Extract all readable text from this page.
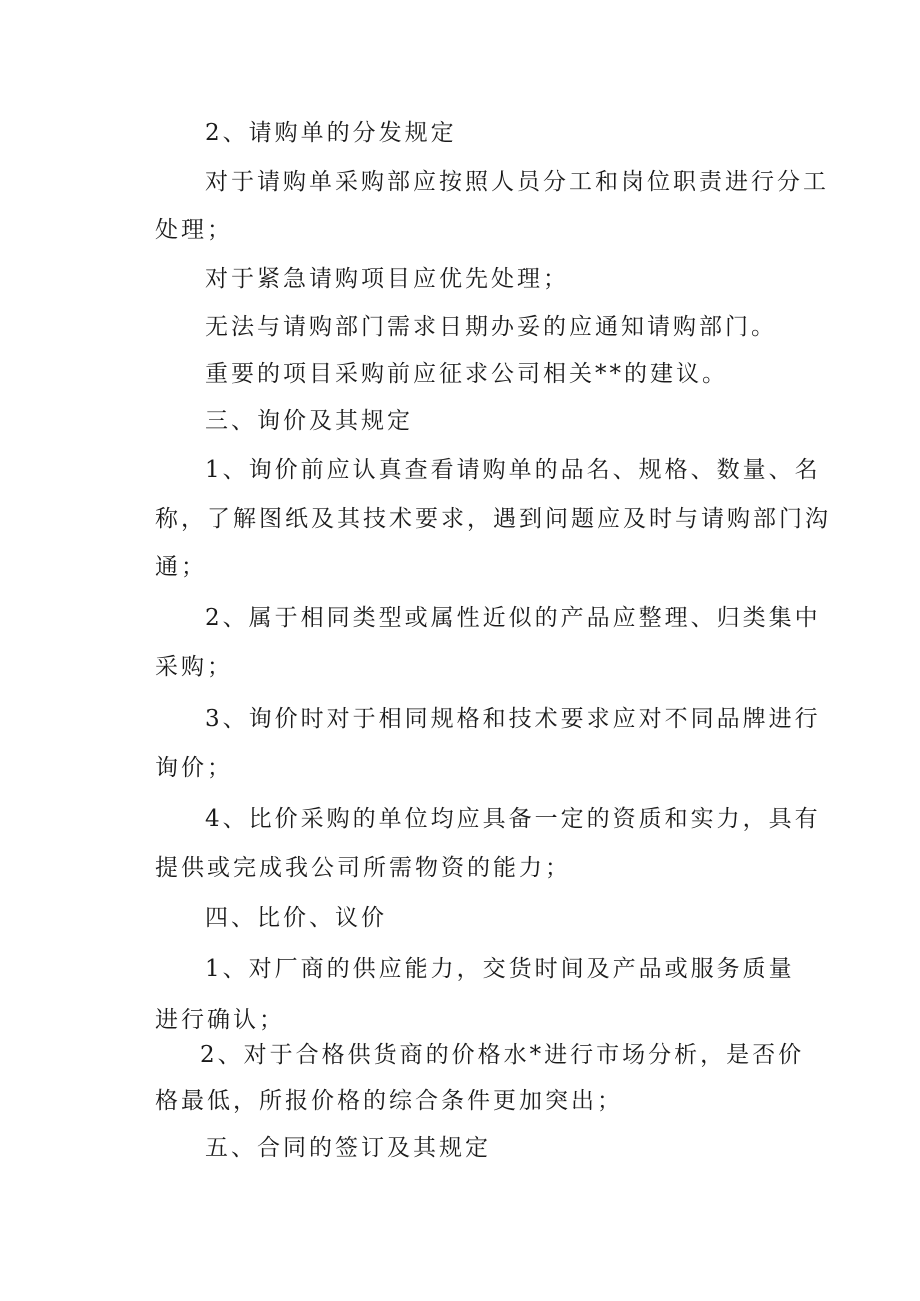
2、请购单的分发规定
对于请购单采购部应按照人员分工和岗位职责进行分工
处理；
对于紧急请购项目应优先处理；
无法与请购部门需求日期办妥的应通知请购部门。
重要的项目采购前应征求公司相关**的建议。
三、询价及其规定
1、询价前应认真查看请购单的品名、规格、数量、名
称，了解图纸及其技术要求，遇到问题应及时与请购部门沟
通；
2、属于相同类型或属性近似的产品应整理、归类集中
采购；
3、询价时对于相同规格和技术要求应对不同品牌进行
询价；
4、比价采购的单位均应具备一定的资质和实力，具有
提供或完成我公司所需物资的能力；
四、比价、议价
1、对厂商的供应能力，交货时间及产品或服务质量
进行确认；
2、对于合格供货商的价格水*进行市场分析，是否价
格最低，所报价格的综合条件更加突出；
五、合同的签订及其规定
